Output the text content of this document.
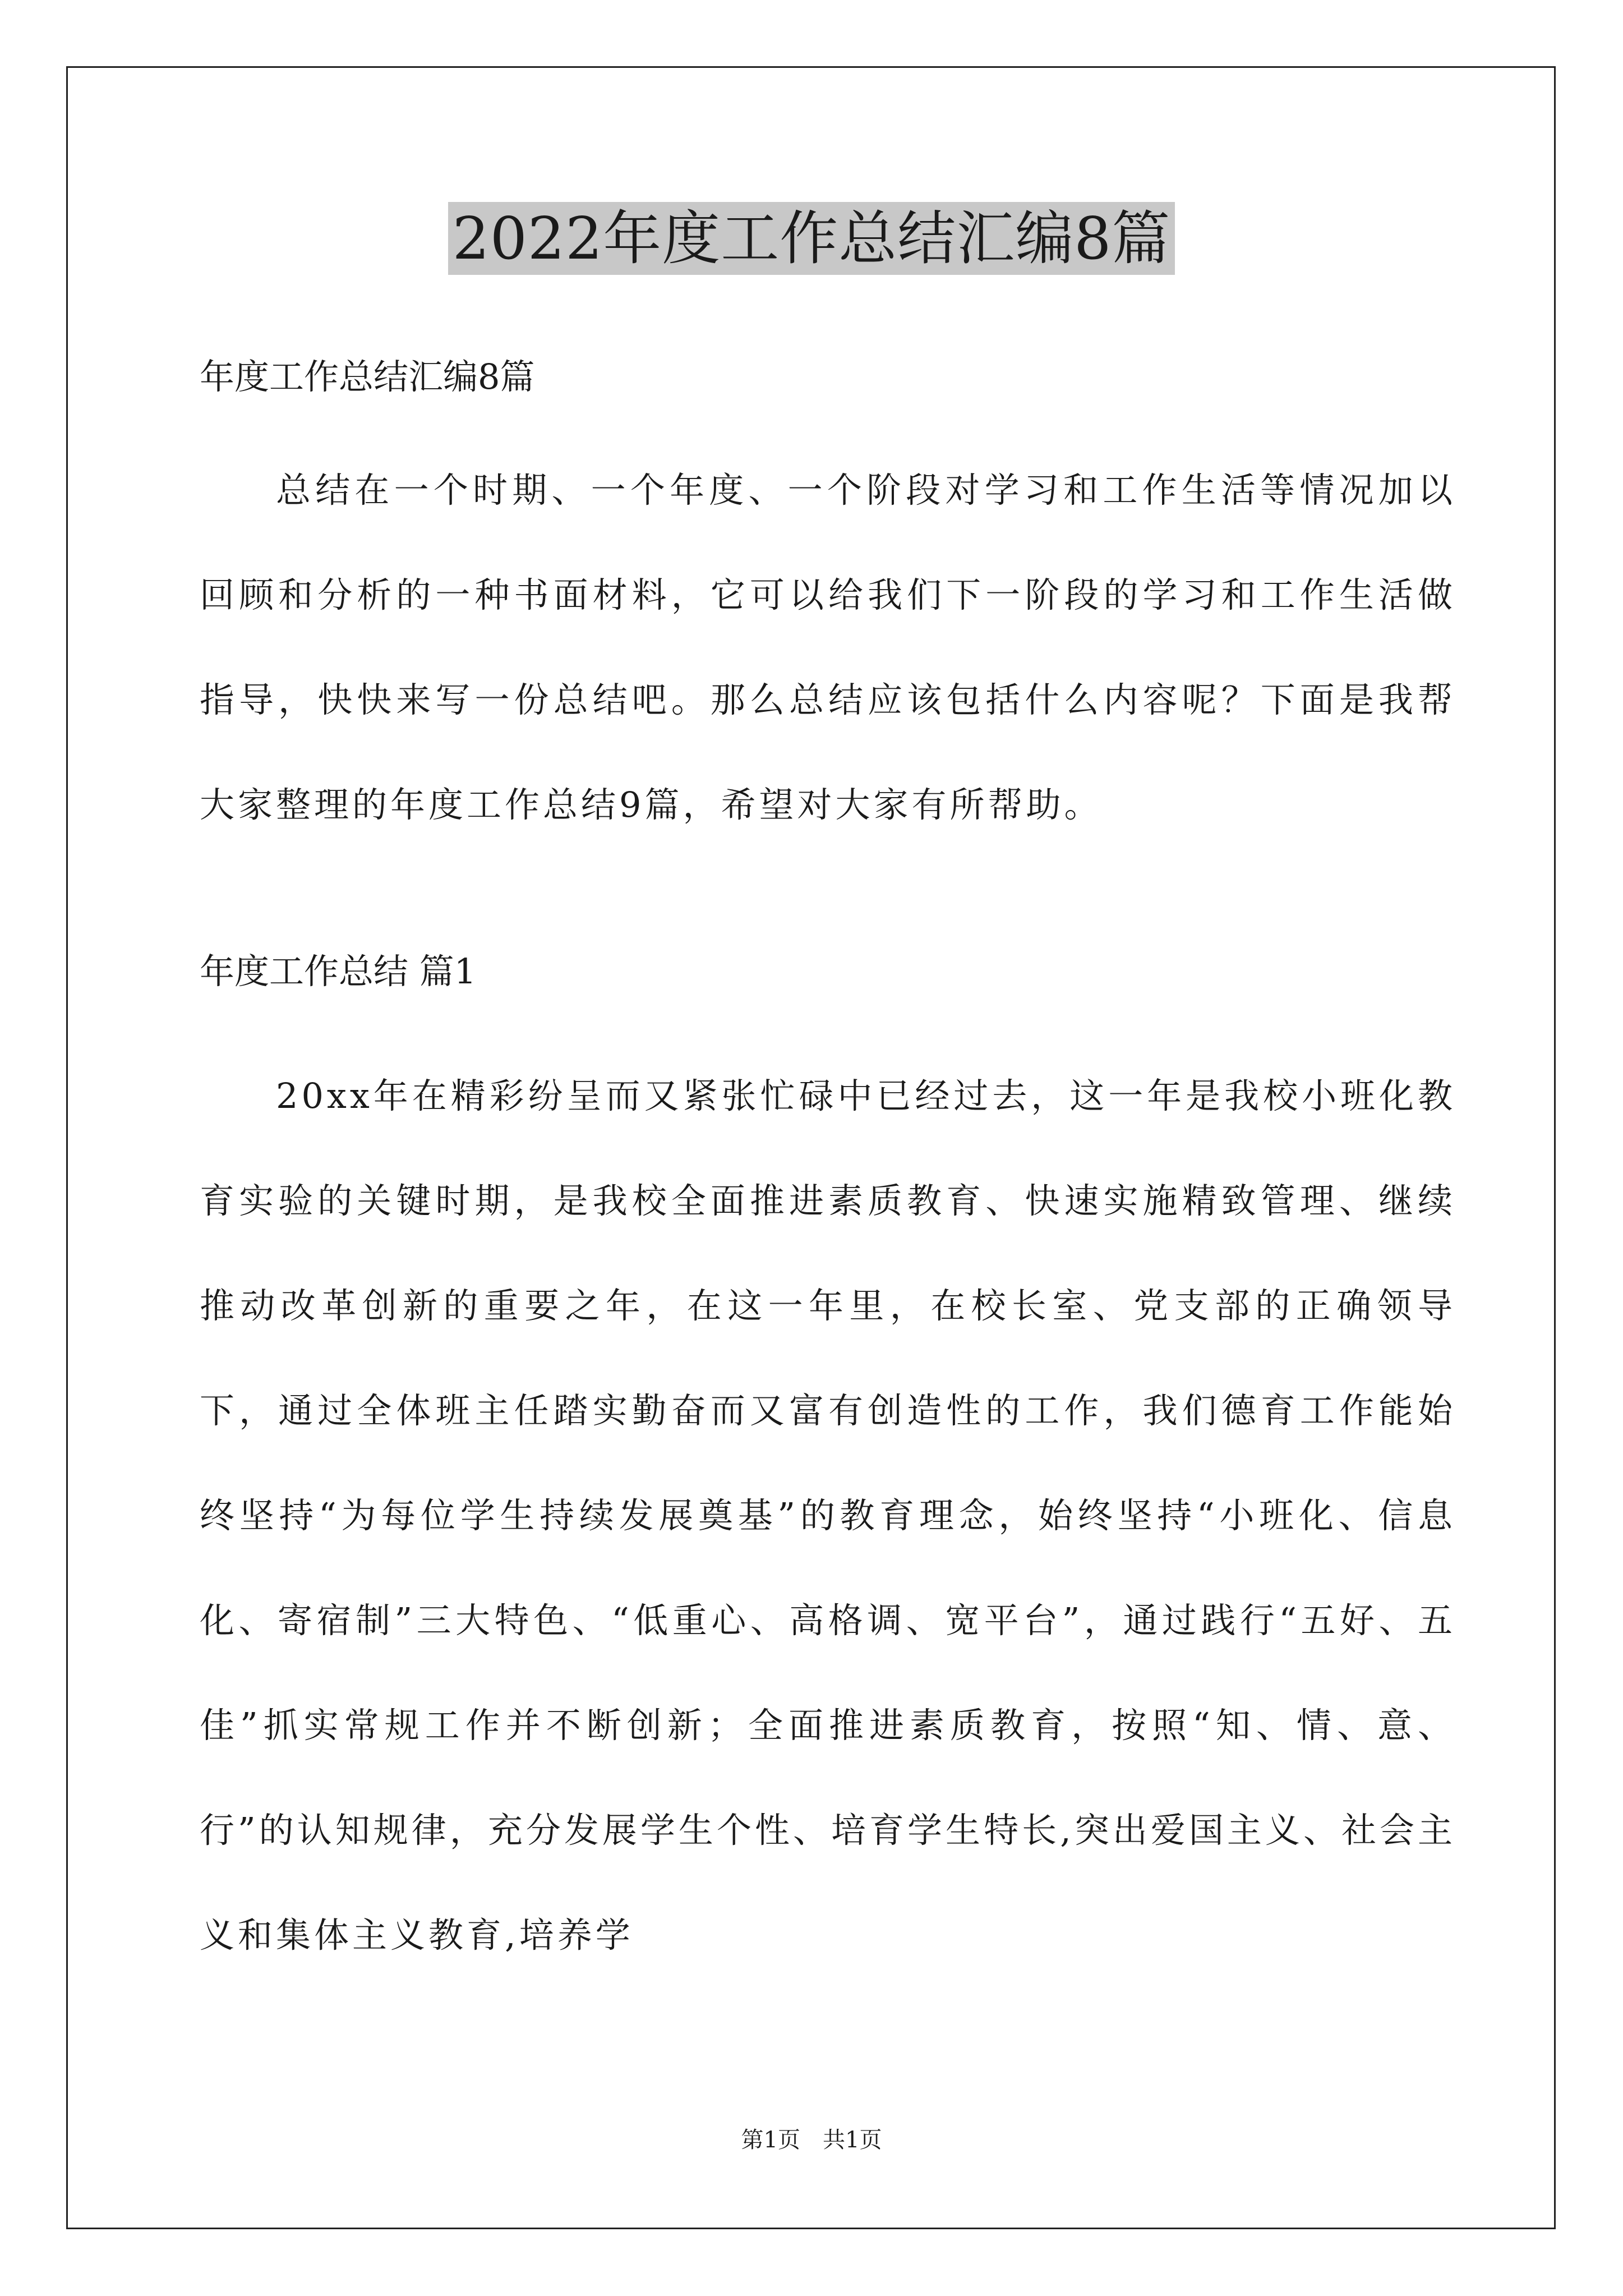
2022年度工作总结汇编8篇
年度工作总结汇编8篇
总结在一个时期、一个年度、一个阶段对学习和工作生活等情况加以回顾和分析的一种书面材料，它可以给我们下一阶段的学习和工作生活做指导，快快来写一份总结吧。那么总结应该包括什么内容呢？下面是我帮大家整理的年度工作总结9篇，希望对大家有所帮助。
年度工作总结 篇1
20xx年在精彩纷呈而又紧张忙碌中已经过去，这一年是我校小班化教育实验的关键时期，是我校全面推进素质教育、快速实施精致管理、继续推动改革创新的重要之年，在这一年里，在校长室、党支部的正确领导下，通过全体班主任踏实勤奋而又富有创造性的工作，我们德育工作能始终坚持“为每位学生持续发展奠基”的教育理念，始终坚持“小班化、信息化、寄宿制”三大特色、“低重心、高格调、宽平台”，通过践行“五好、五佳”抓实常规工作并不断创新；全面推进素质教育，按照“知、情、意、行”的认知规律，充分发展学生个性、培育学生特长,突出爱国主义、社会主义和集体主义教育,培养学
第1页　共1页
